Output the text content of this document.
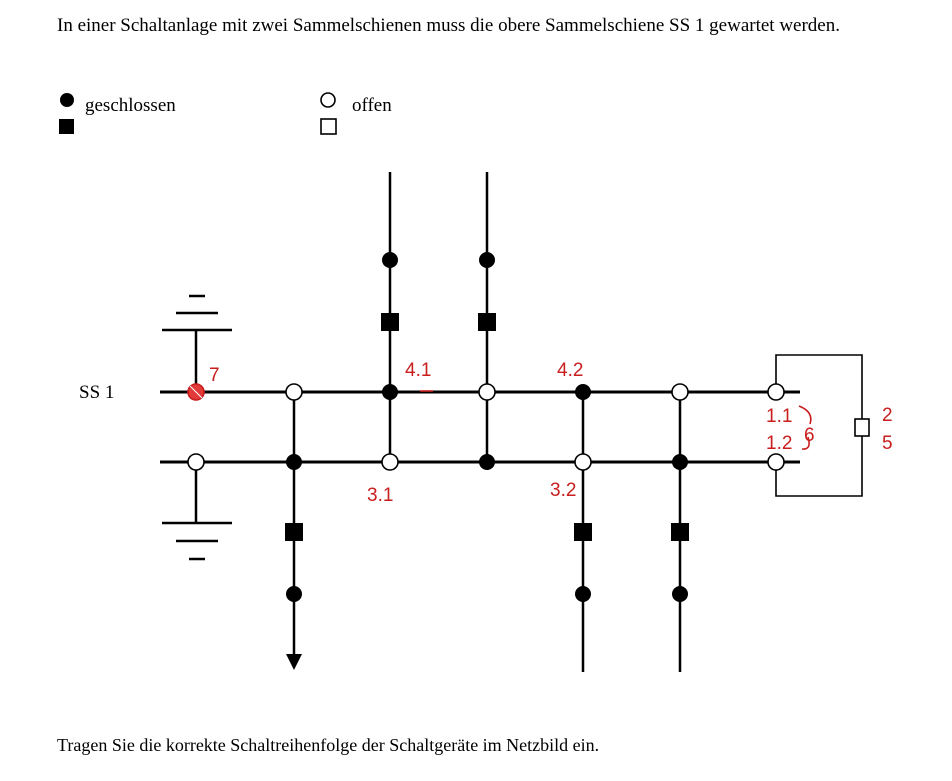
In einer Schaltanlage mit zwei Sammelschienen muss die obere Sammelschiene SS 1 gewartet werden.
geschlossen	offen
SS 1
7	4.1	4.2
3.1	3.2
1.1
1.2 6
2
5
Tragen Sie die korrekte Schaltreihenfolge der Schaltgeräte im Netzbild ein.
